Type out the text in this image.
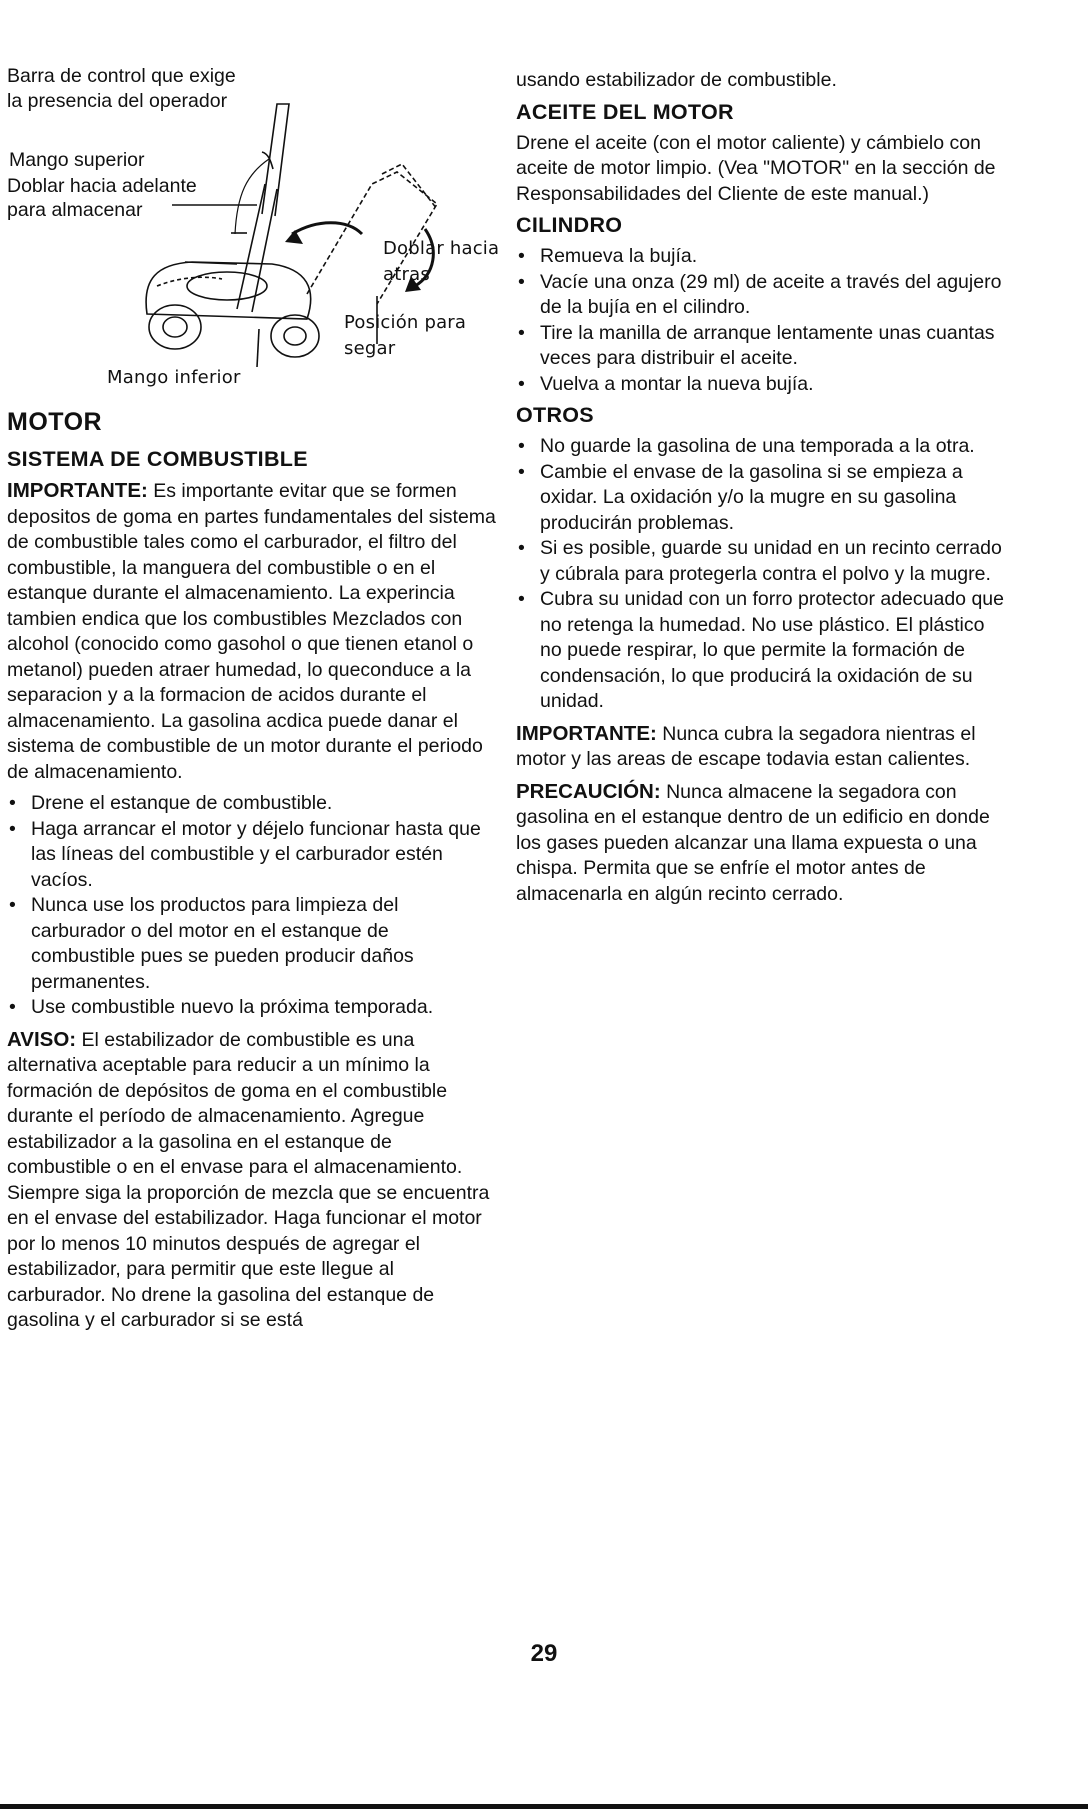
Barra de control que exige
la presencia del operador
Mango superior
Doblar hacia adelante
para almacenar
Doblar hacia
atras
Posición para
segar
Mango inferior
MOTOR
SISTEMA DE COMBUSTIBLE

IMPORTANTE: Es importante evitar que se formen depositos de goma en partes fundamentales del sistema de combustible tales como el carburador, el filtro del combustible, la manguera del combustible o en el estanque durante el almacenamiento. La experincia tambien endica que los combustibles Mezclados con alcohol (conocido como gasohol o que tienen etanol o metanol) pueden atraer humedad, lo queconduce a la separacion y a la formacion de acidos durante el almacenamiento. La gasolina acdica puede danar el sistema de combustible de un motor durante el periodo de almacenamiento.

• Drene el estanque de combustible.
• Haga arrancar el motor y déjelo funcionar hasta que las líneas del combustible y el carburador estén vacíos.
• Nunca use los productos para limpieza del carburador o del motor en el estanque de combustible pues se pueden producir daños permanentes.
• Use combustible nuevo la próxima temporada.

AVISO: El estabilizador de combustible es una alternativa aceptable para reducir a un mínimo la formación de depósitos de goma en el combustible durante el período de almacenamiento. Agregue estabilizador a la gasolina en el estanque de combustible o en el envase para el almacenamiento. Siempre siga la proporción de mezcla que se encuentra en el envase del estabilizador. Haga funcionar el motor por lo menos 10 minutos después de agregar el estabilizador, para permitir que este llegue al carburador. No drene la gasolina del estanque de gasolina y el carburador si se está

usando estabilizador de combustible.

ACEITE DEL MOTOR

Drene el aceite (con el motor caliente) y cámbielo con aceite de motor limpio. (Vea "MOTOR" en la sección de Responsabilidades del Cliente de este manual.)

CILINDRO
• Remueva la bujía.
• Vacíe una onza (29 ml) de aceite a través del agujero de la bujía en el cilindro.
• Tire la manilla de arranque lentamente unas cuantas veces para distribuir el aceite.
• Vuelva a montar la nueva bujía.
OTROS
• No guarde la gasolina de una temporada a la otra.
• Cambie el envase de la gasolina si se empieza a oxidar. La oxidación y/o la mugre en su gasolina producirán problemas.
• Si es posible, guarde su unidad en un recinto cerrado y cúbrala para protegerla contra el polvo y la mugre.
• Cubra su unidad con un forro protector adecuado que no retenga la humedad. No use plástico. El plástico no puede respirar, lo que permite la formación de condensación, lo que producirá la oxidación de su unidad.

IMPORTANTE: Nunca cubra la segadora nientras el motor y las areas de escape todavia estan calientes.

PRECAUCIÓN: Nunca almacene la segadora con gasolina en el estanque dentro de un edificio en donde los gases pueden alcanzar una llama expuesta o una chispa. Permita que se enfríe el motor antes de almacenarla en algún recinto cerrado.

29
